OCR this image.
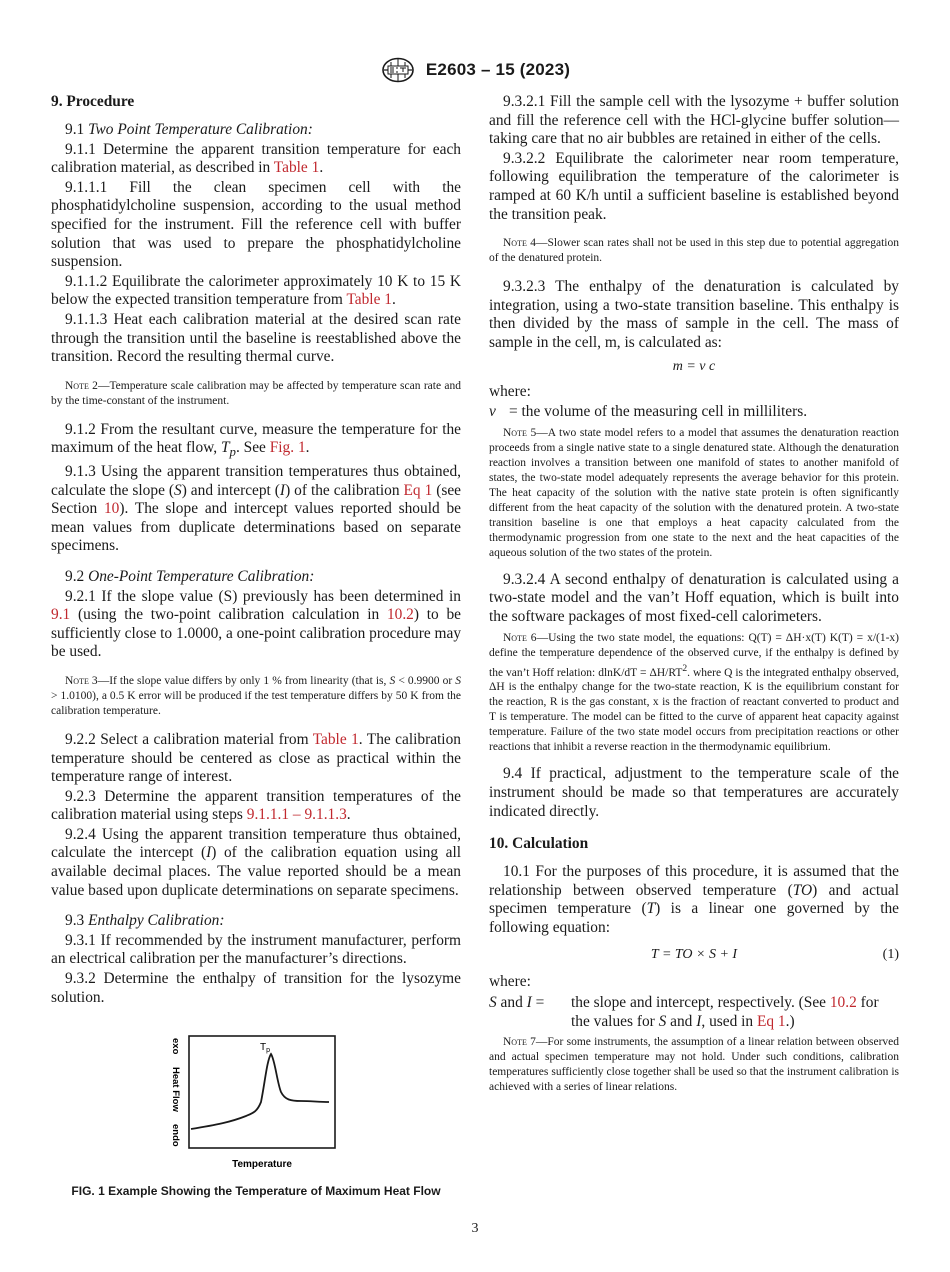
E2603 – 15 (2023)
9. Procedure

9.1 Two Point Temperature Calibration:

9.1.1 Determine the apparent transition temperature for each calibration material, as described in Table 1.

9.1.1.1 Fill the clean specimen cell with the phosphatidylcholine suspension, according to the usual method specified for the instrument. Fill the reference cell with buffer solution that was used to prepare the phosphatidylcholine suspension.

9.1.1.2 Equilibrate the calorimeter approximately 10 K to 15 K below the expected transition temperature from Table 1.

9.1.1.3 Heat each calibration material at the desired scan rate through the transition until the baseline is reestablished above the transition. Record the resulting thermal curve.

Note 2—Temperature scale calibration may be affected by temperature scan rate and by the time-constant of the instrument.

9.1.2 From the resultant curve, measure the temperature for the maximum of the heat flow, $T_p$. See Fig. 1.

9.1.3 Using the apparent transition temperatures thus obtained, calculate the slope (S) and intercept (I) of the calibration Eq 1 (see Section 10). The slope and intercept values reported should be mean values from duplicate determinations based on separate specimens.

9.2 One-Point Temperature Calibration:

9.2.1 If the slope value (S) previously has been determined in 9.1 (using the two-point calibration calculation in 10.2) to be sufficiently close to 1.0000, a one-point calibration procedure may be used.

Note 3—If the slope value differs by only 1 % from linearity (that is, S < 0.9900 or S > 1.0100), a 0.5 K error will be produced if the test temperature differs by 50 K from the calibration temperature.

9.2.2 Select a calibration material from Table 1. The calibration temperature should be centered as close as practical within the temperature range of interest.

9.2.3 Determine the apparent transition temperatures of the calibration material using steps 9.1.1.1 – 9.1.1.3.

9.2.4 Using the apparent transition temperature thus obtained, calculate the intercept (I) of the calibration equation using all available decimal places. The value reported should be a mean value based upon duplicate determinations on separate specimens.

9.3 Enthalpy Calibration:

9.3.1 If recommended by the instrument manufacturer, perform an electrical calibration per the manufacturer’s directions.

9.3.2 Determine the enthalpy of transition for the lysozyme solution.

$T_p$
exo
Heat Flow
endo
Temperature
FIG. 1 Example Showing the Temperature of Maximum Heat Flow

9.3.2.1 Fill the sample cell with the lysozyme + buffer solution and fill the reference cell with the HCl-glycine buffer solution—taking care that no air bubbles are retained in either of the cells.

9.3.2.2 Equilibrate the calorimeter near room temperature, following equilibration the temperature of the calorimeter is ramped at 60 K/h until a sufficient baseline is established beyond the transition peak.

Note 4—Slower scan rates shall not be used in this step due to potential aggregation of the denatured protein.

9.3.2.3 The enthalpy of the denaturation is calculated by integration, using a two-state transition baseline. This enthalpy is then divided by the mass of sample in the cell. The mass of sample in the cell, m, is calculated as:

m = v c

where:

v = the volume of the measuring cell in milliliters.
Note 5—A two state model refers to a model that assumes the denaturation reaction proceeds from a single native state to a single denatured state. Although the denaturation reaction involves a transition between one manifold of states to another manifold of states, the two-state model adequately represents the average behavior for this protein. The heat capacity of the solution with the native state protein is often significantly different from the heat capacity of the solution with the denatured protein. A two-state transition baseline is one that employs a heat capacity calculated from the thermodynamic progression from one state to the next and the heat capacities of the aqueous solution of the two states of the protein.

9.3.2.4 A second enthalpy of denaturation is calculated using a two-state model and the van’t Hoff equation, which is built into the software packages of most fixed-cell calorimeters.

Note 6—Using the two state model, the equations: Q(T) = ΔH·x(T) K(T) = x/(1-x) define the temperature dependence of the observed curve, if the enthalpy is defined by the van’t Hoff relation: $dlnK/dT = \Delta H/RT^2$. where Q is the integrated enthalpy observed, ΔH is the enthalpy change for the two-state reaction, K is the equilibrium constant for the reaction, R is the gas constant, x is the fraction of reactant converted to product and T is temperature. The model can be fitted to the curve of apparent heat capacity against temperature. Failure of the two state model occurs from precipitation reactions or other reactions that inhibit a reverse reaction in the thermodynamic equilibrium.

9.4 If practical, adjustment to the temperature scale of the instrument should be made so that temperatures are accurately indicated directly.

10. Calculation

10.1 For the purposes of this procedure, it is assumed that the relationship between observed temperature (TO) and actual specimen temperature (T) is a linear one governed by the following equation:

T = TO × S + I	(1)

where:

S and I =	the slope and intercept, respectively. (See 10.2 for the values for S and I, used in Eq 1.)
Note 7—For some instruments, the assumption of a linear relation between observed and actual specimen temperature may not hold. Under such conditions, calibration temperatures sufficiently close together shall be used so that the instrument calibration is achieved with a series of linear relations.
3
